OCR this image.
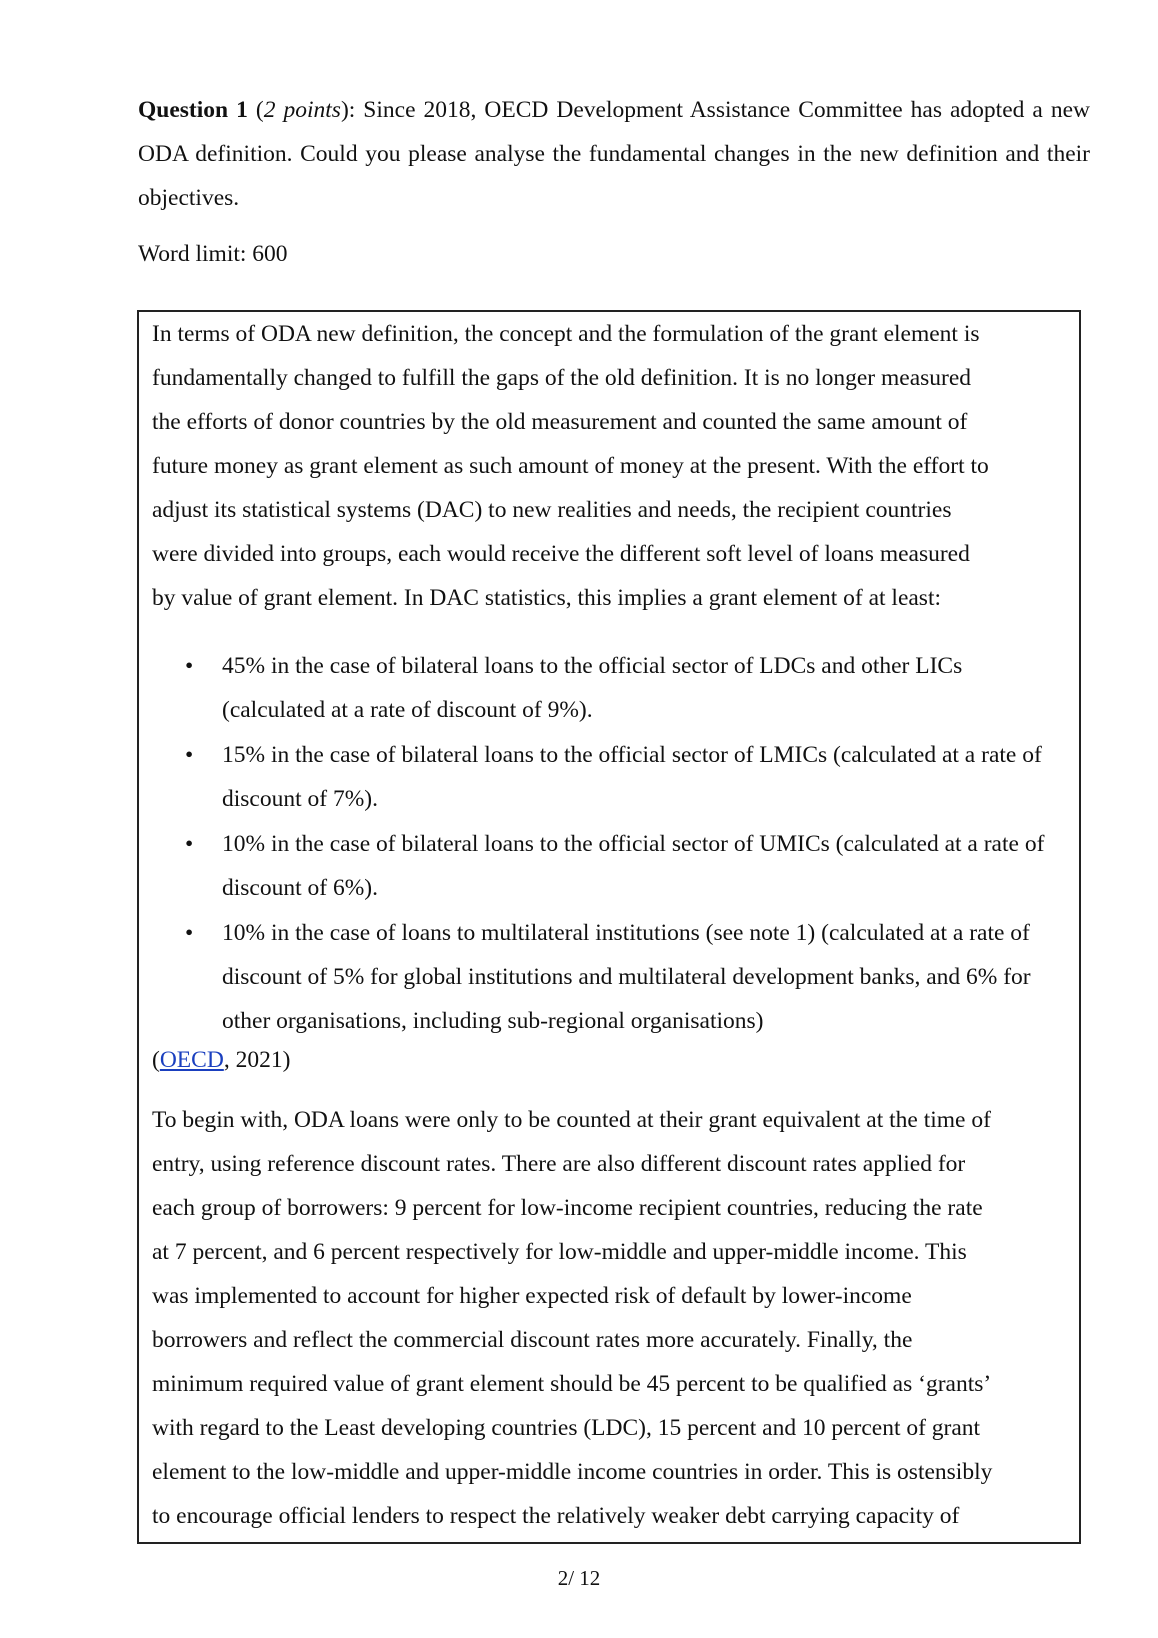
Question 1 (2 points): Since 2018, OECD Development Assistance Committee has adopted a new ODA definition. Could you please analyse the fundamental changes in the new definition and their objectives.

Word limit: 600

In terms of ODA new definition, the concept and the formulation of the grant element is
fundamentally changed to fulfill the gaps of the old definition. It is no longer measured
the efforts of donor countries by the old measurement and counted the same amount of
future money as grant element as such amount of money at the present. With the effort to
adjust its statistical systems (DAC) to new realities and needs, the recipient countries
were divided into groups, each would receive the different soft level of loans measured
by value of grant element. In DAC statistics, this implies a grant element of at least:
• 45% in the case of bilateral loans to the official sector of LDCs and other LICs (calculated at a rate of discount of 9%).
• 15% in the case of bilateral loans to the official sector of LMICs (calculated at a rate of discount of 7%).
• 10% in the case of bilateral loans to the official sector of UMICs (calculated at a rate of discount of 6%).
• 10% in the case of loans to multilateral institutions (see note 1) (calculated at a rate of discount of 5% for global institutions and multilateral development banks, and 6% for other organisations, including sub-regional organisations)

(OECD, 2021)

To begin with, ODA loans were only to be counted at their grant equivalent at the time of
entry, using reference discount rates. There are also different discount rates applied for
each group of borrowers: 9 percent for low-income recipient countries, reducing the rate
at 7 percent, and 6 percent respectively for low-middle and upper-middle income. This
was implemented to account for higher expected risk of default by lower-income
borrowers and reflect the commercial discount rates more accurately. Finally, the
minimum required value of grant element should be 45 percent to be qualified as ‘grants’
with regard to the Least developing countries (LDC), 15 percent and 10 percent of grant
element to the low-middle and upper-middle income countries in order. This is ostensibly
to encourage official lenders to respect the relatively weaker debt carrying capacity of

2/ 12
